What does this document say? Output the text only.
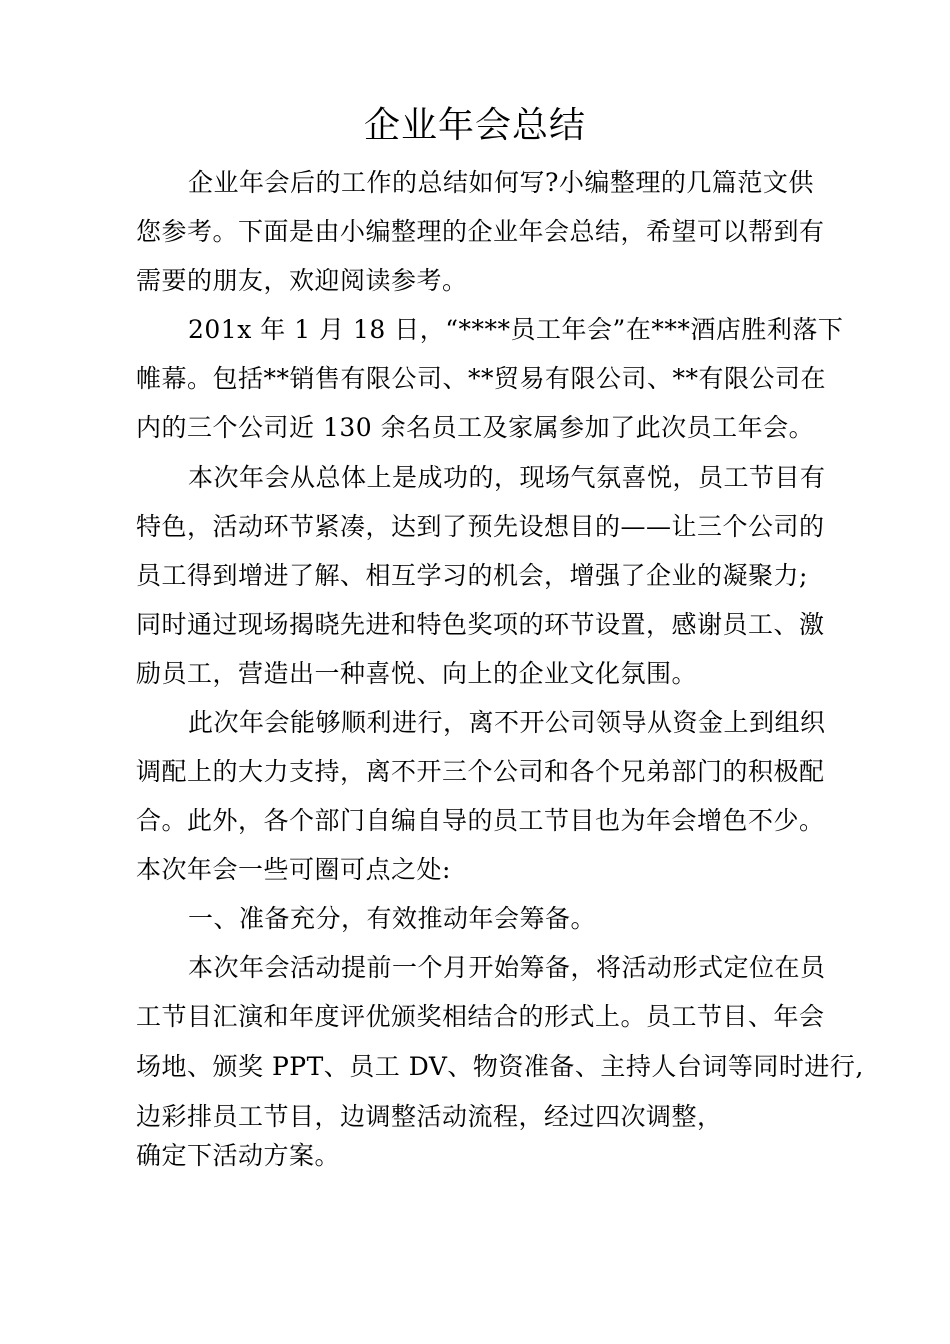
企业年会总结
企业年会后的工作的总结如何写?小编整理的几篇范文供
您参考。下面是由小编整理的企业年会总结，希望可以帮到有
需要的朋友，欢迎阅读参考。
201x 年 1 月 18 日，“****员工年会”在***酒店胜利落下
帷幕。包括**销售有限公司、**贸易有限公司、**有限公司在
内的三个公司近 130 余名员工及家属参加了此次员工年会。
本次年会从总体上是成功的，现场气氛喜悦，员工节目有
特色，活动环节紧凑，达到了预先设想目的——让三个公司的
员工得到增进了解、相互学习的机会，增强了企业的凝聚力;
同时通过现场揭晓先进和特色奖项的环节设置，感谢员工、激
励员工，营造出一种喜悦、向上的企业文化氛围。
此次年会能够顺利进行，离不开公司领导从资金上到组织
调配上的大力支持，离不开三个公司和各个兄弟部门的积极配
合。此外，各个部门自编自导的员工节目也为年会增色不少。
本次年会一些可圈可点之处:
一、准备充分，有效推动年会筹备。
本次年会活动提前一个月开始筹备，将活动形式定位在员
工节目汇演和年度评优颁奖相结合的形式上。员工节目、年会
场地、颁奖 PPT、员工 DV、物资准备、主持人台词等同时进行,
边彩排员工节目，边调整活动流程，经过四次调整，
确定下活动方案。
